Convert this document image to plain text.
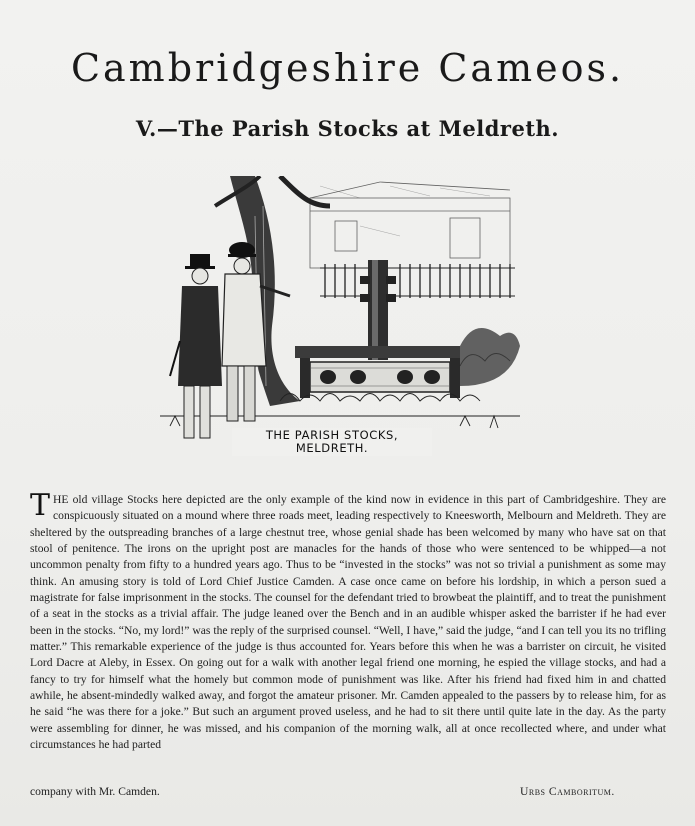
Cambridgeshire Cameos.
V.—The Parish Stocks at Meldreth.
THE PARISH STOCKS,
MELDRETH.
THE old village Stocks here depicted are the only example of the kind now in evidence in this part of Cambridgeshire. They are conspicuously situated on a mound where three roads meet, leading respectively to Kneesworth, Melbourn and Meldreth. They are sheltered by the outspreading branches of a large chestnut tree, whose genial shade has been welcomed by many who have sat on that stool of penitence. The irons on the upright post are manacles for the hands of those who were sentenced to be whipped—a not uncommon penalty from fifty to a hundred years ago. Thus to be “invested in the stocks” was not so trivial a punishment as some may think. An amusing story is told of Lord Chief Justice Camden. A case once came on before his lordship, in which a person sued a magistrate for false imprisonment in the stocks. The counsel for the defendant tried to browbeat the plaintiff, and to treat the punishment of a seat in the stocks as a trivial affair. The judge leaned over the Bench and in an audible whisper asked the barrister if he had ever been in the stocks. “No, my lord!” was the reply of the surprised counsel. “Well, I have,” said the judge, “and I can tell you its no trifling matter.” This remarkable experience of the judge is thus accounted for. Years before this when he was a barrister on circuit, he visited Lord Dacre at Aleby, in Essex. On going out for a walk with another legal friend one morning, he espied the village stocks, and had a fancy to try for himself what the homely but common mode of punishment was like. After his friend had fixed him in and chatted awhile, he absent-mindedly walked away, and forgot the amateur prisoner. Mr. Camden appealed to the passers by to release him, for as he said “he was there for a joke.” But such an argument proved useless, and he had to sit there until quite late in the day. As the party were assembling for dinner, he was missed, and his companion of the morning walk, all at once recollected where, and under what circumstances he had parted
company with Mr. Camden.	Urbs Camboritum.
